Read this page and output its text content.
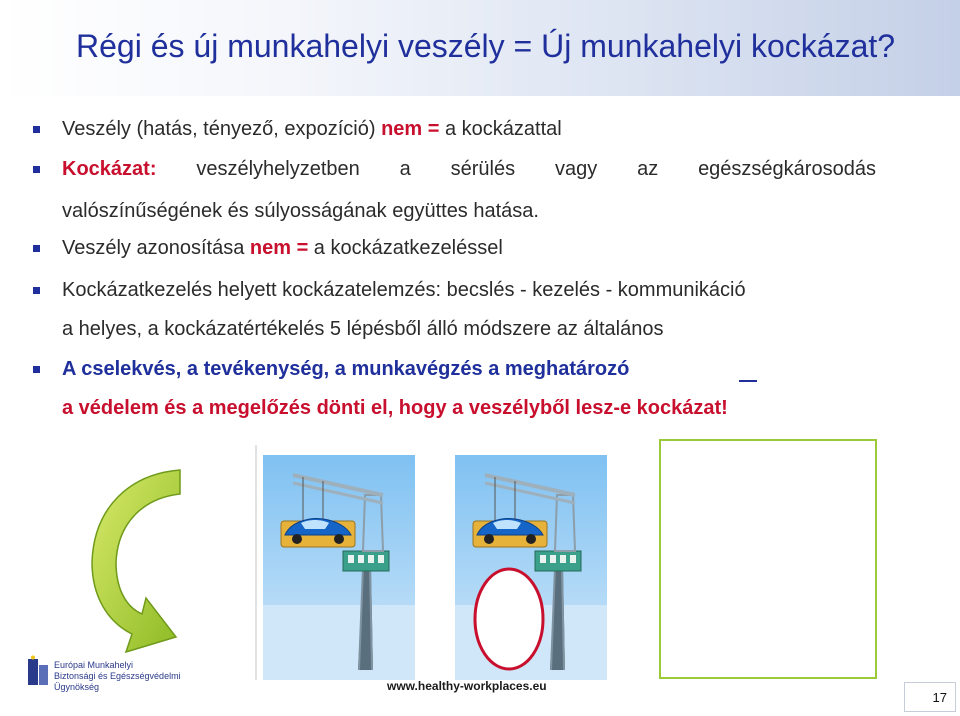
Régi és új munkahelyi veszély = Új munkahelyi kockázat?
Veszély (hatás, tényező, expozíció) nem = a kockázattal
Kockázat: veszélyhelyzetben a sérülés vagy az egészségkárosodás
valószínűségének és súlyosságának együttes hatása.
Veszély azonosítása nem = a kockázatkezeléssel
Kockázatkezelés helyett kockázatelemzés: becslés - kezelés - kommunikáció
a helyes, a kockázatértékelés 5 lépésből álló módszere az általános
A cselekvés, a tevékenység, a munkavégzés a meghatározó
a védelem és a megelőzés dönti el, hogy a veszélyből lesz-e kockázat!
Európai Munkahelyi
Biztonsági és Egészségvédelmi
Ügynökség	www.healthy-workplaces.eu
17
